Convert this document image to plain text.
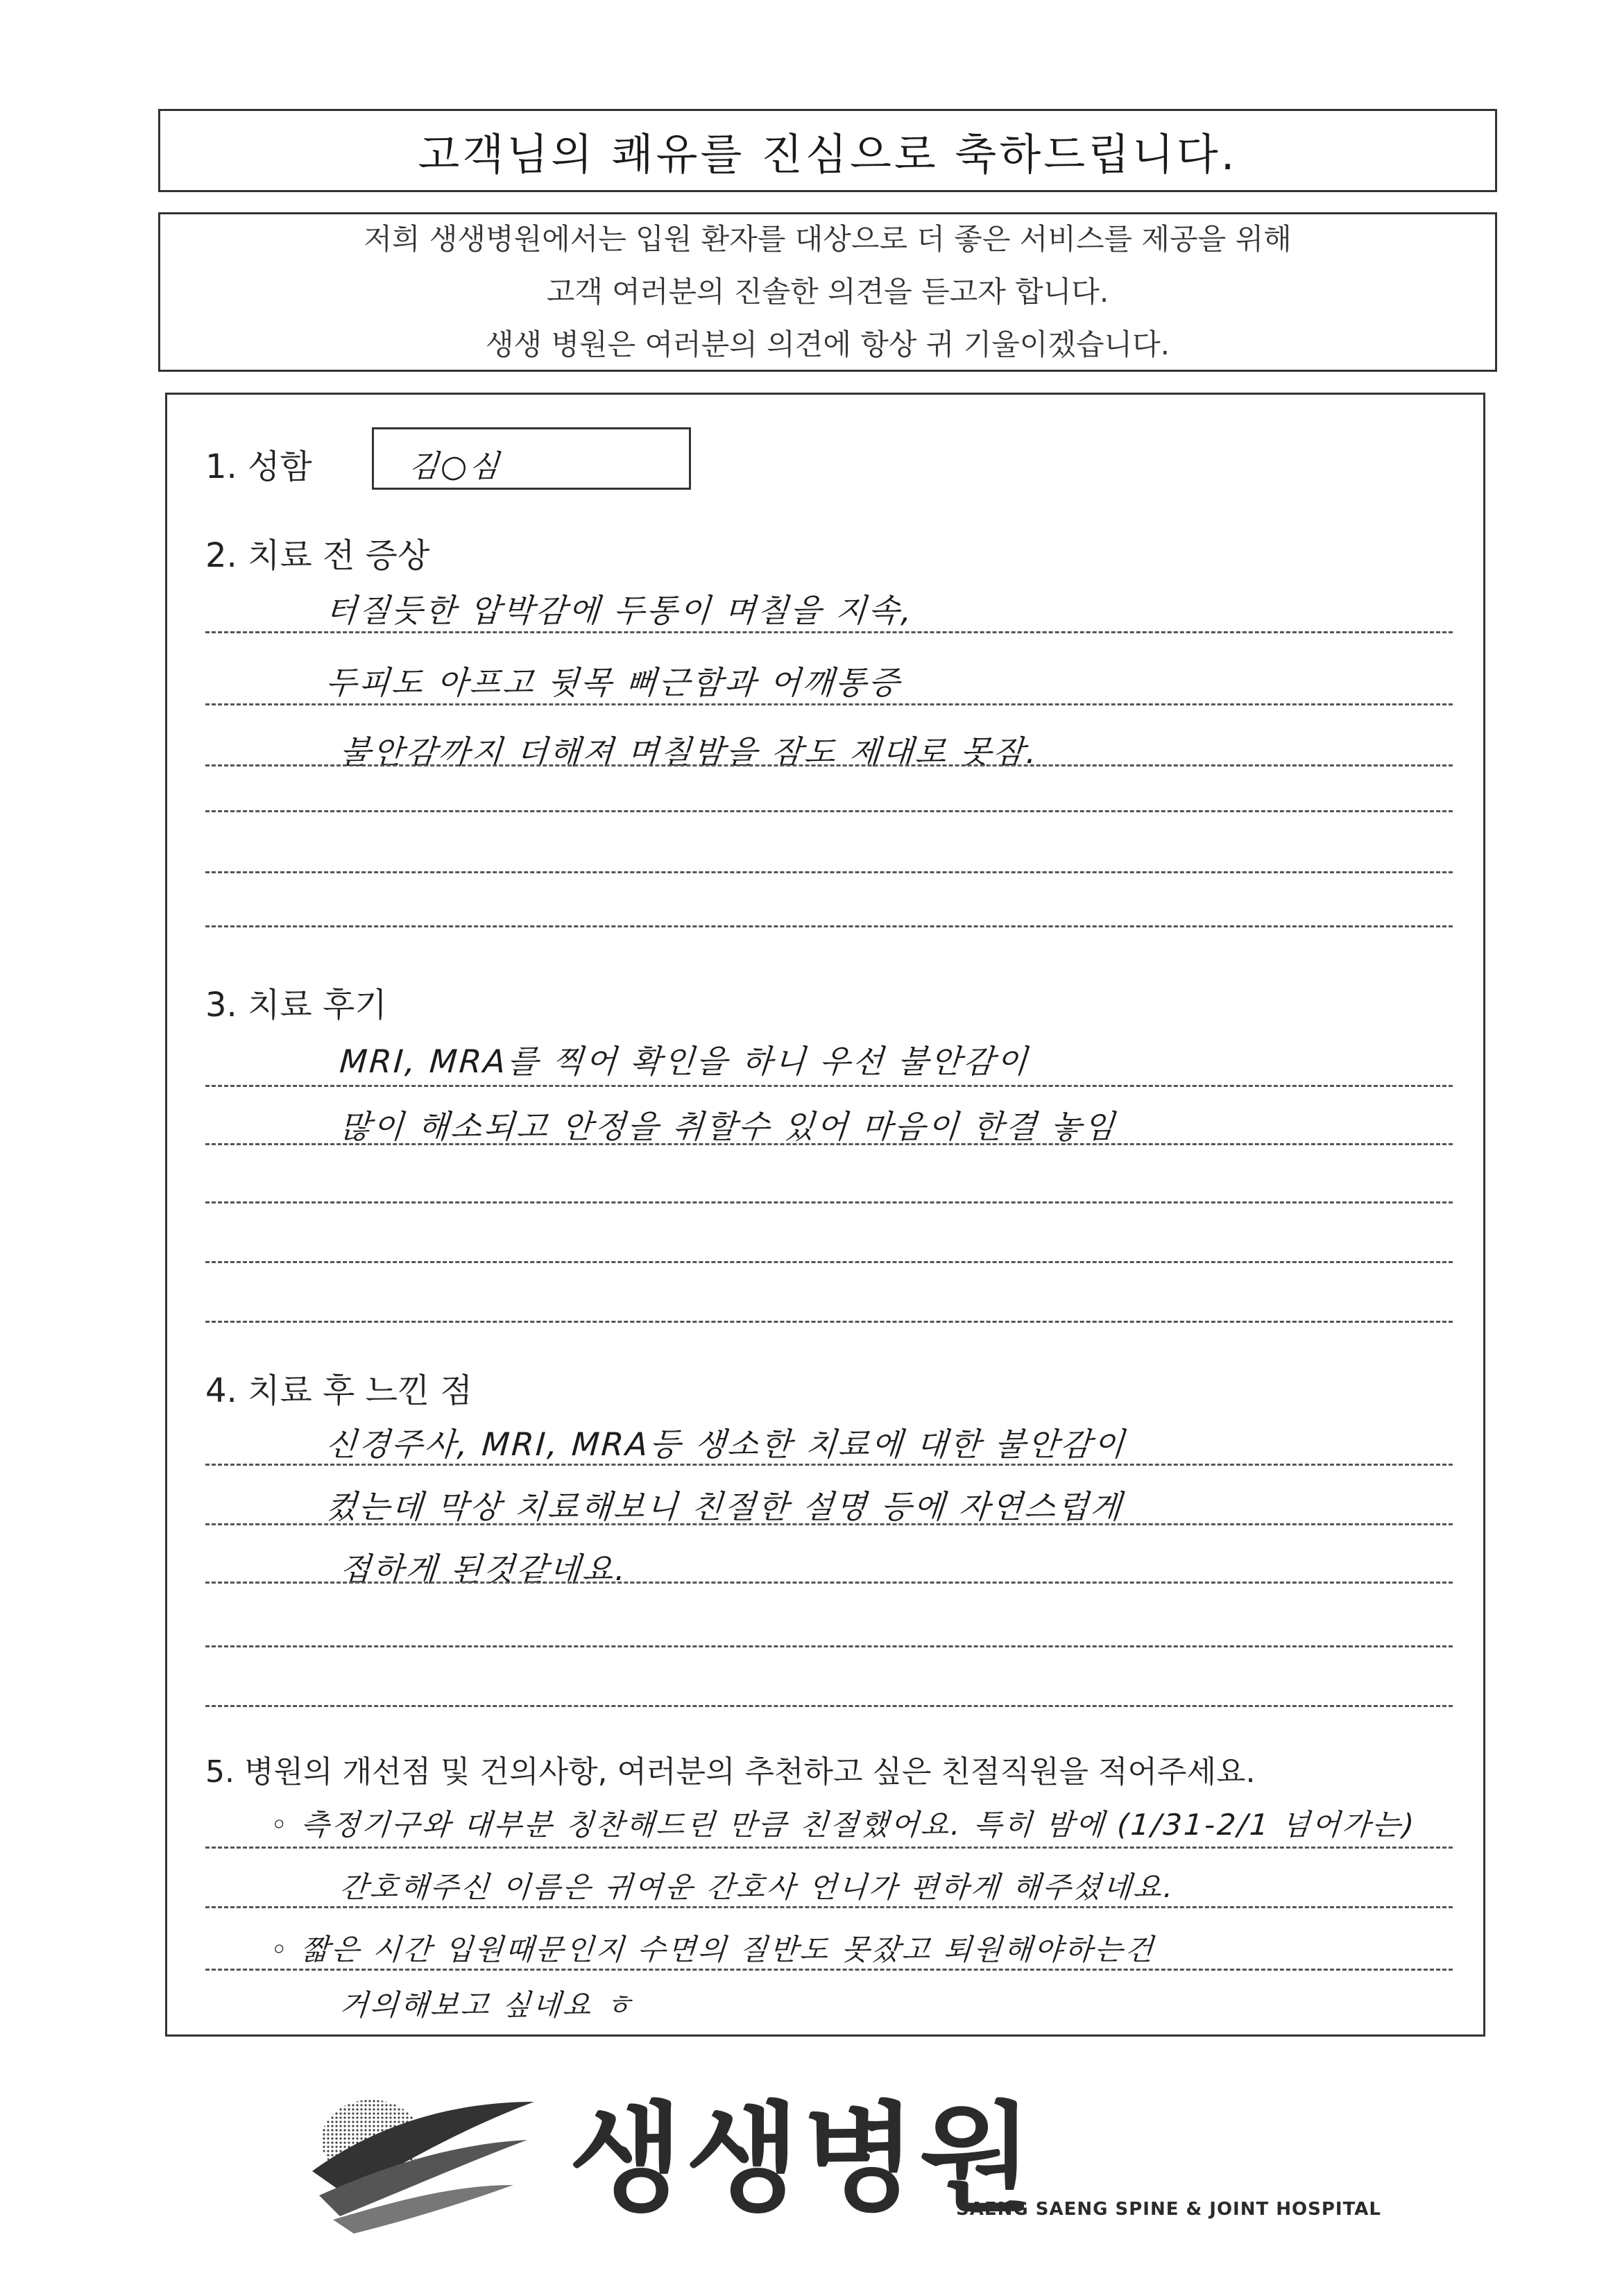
고객님의 쾌유를 진심으로 축하드립니다.
저희 생생병원에서는 입원 환자를 대상으로 더 좋은 서비스를 제공을 위해
고객 여러분의 진솔한 의견을 듣고자 합니다.
생생 병원은 여러분의 의견에 항상 귀 기울이겠습니다.
1. 성함	김○심
2. 치료 전 증상
터질듯한 압박감에 두통이 며칠을 지속,
두피도 아프고 뒷목 뻐근함과 어깨통증
불안감까지 더해져 며칠밤을 잠도 제대로 못잠.
3. 치료 후기
MRI, MRA를 찍어 확인을 하니 우선 불안감이
많이 해소되고 안정을 취할수 있어 마음이 한결 놓임
4. 치료 후 느낀 점
신경주사, MRI, MRA등 생소한 치료에 대한 불안감이
컸는데 막상 치료해보니 친절한 설명 등에 자연스럽게
접하게 된것같네요.
5. 병원의 개선점 및 건의사항, 여러분의 추천하고 싶은 친절직원을 적어주세요.
◦ 측정기구와 대부분 칭찬해드린 만큼 친절했어요. 특히 밤에 (1/31-2/1 넘어가는)
간호해주신 이름은 귀여운 간호사 언니가 편하게 해주셨네요.
◦ 짧은 시간 입원때문인지 수면의 질반도 못잤고 퇴원해야하는건
거의해보고 싶네요 ㅎ
생생병원
SAENG SAENG SPINE & JOINT HOSPITAL
